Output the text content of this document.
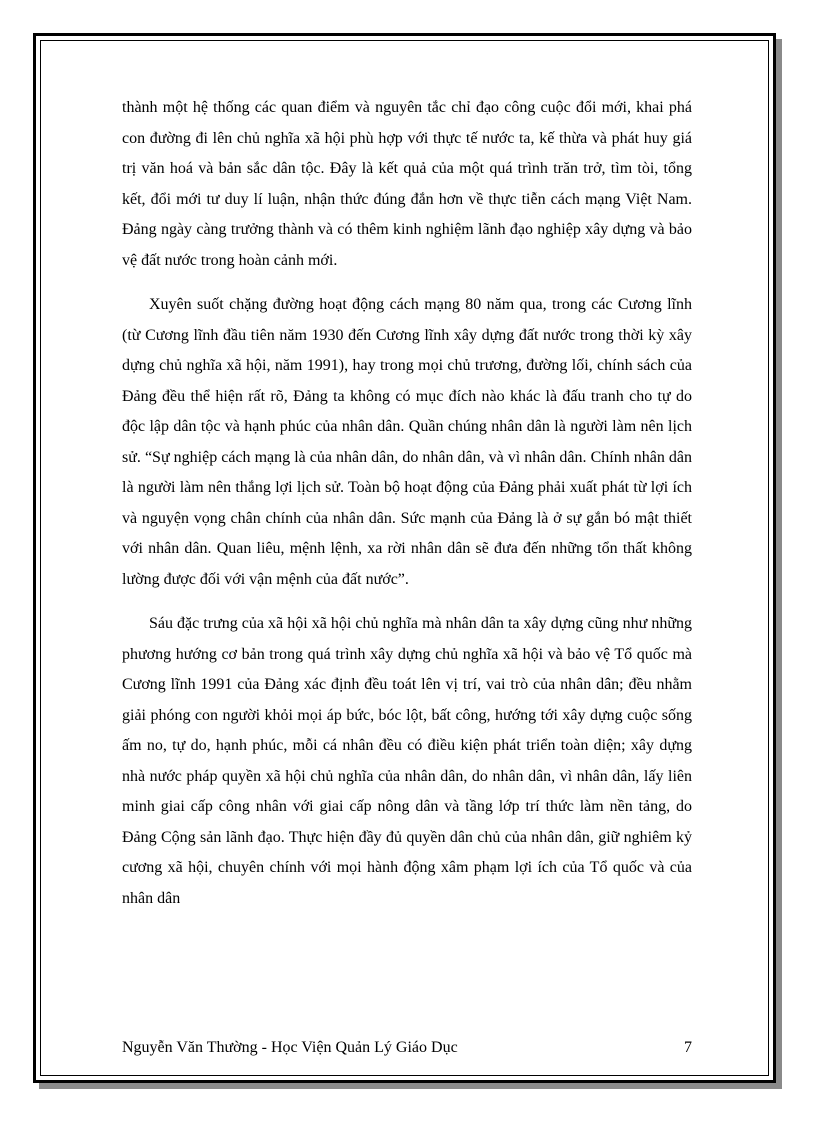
thành một hệ thống các quan điểm và nguyên tắc chỉ đạo công cuộc đổi mới, khai phá con đường đi lên chủ nghĩa xã hội phù hợp với thực tế nước ta, kế thừa và phát huy giá trị văn hoá và bản sắc dân tộc. Đây là kết quả của một quá trình trăn trở, tìm tòi, tổng kết, đổi mới tư duy lí luận, nhận thức đúng đắn hơn về thực tiễn cách mạng Việt Nam. Đảng ngày càng trưởng thành và có thêm kinh nghiệm lãnh đạo nghiệp xây dựng và bảo vệ đất nước trong hoàn cảnh mới.

Xuyên suốt chặng đường hoạt động cách mạng 80 năm qua, trong các Cương lĩnh (từ Cương lĩnh đầu tiên năm 1930 đến Cương lĩnh xây dựng đất nước trong thời kỳ xây dựng chủ nghĩa xã hội, năm 1991), hay trong mọi chủ trương, đường lối, chính sách của Đảng đều thể hiện rất rõ, Đảng ta không có mục đích nào khác là đấu tranh cho tự do độc lập dân tộc và hạnh phúc của nhân dân. Quần chúng nhân dân là người làm nên lịch sử. “Sự nghiệp cách mạng là của nhân dân, do nhân dân, và vì nhân dân. Chính nhân dân là người làm nên thắng lợi lịch sử. Toàn bộ hoạt động của Đảng phải xuất phát từ lợi ích và nguyện vọng chân chính của nhân dân. Sức mạnh của Đảng là ở sự gắn bó mật thiết với nhân dân. Quan liêu, mệnh lệnh, xa rời nhân dân sẽ đưa đến những tổn thất không lường được đối với vận mệnh của đất nước”.

Sáu đặc trưng của xã hội xã hội chủ nghĩa mà nhân dân ta xây dựng cũng như những phương hướng cơ bản trong quá trình xây dựng chủ nghĩa xã hội và bảo vệ Tổ quốc mà Cương lĩnh 1991 của Đảng xác định đều toát lên vị trí, vai trò của nhân dân; đều nhằm giải phóng con người khỏi mọi áp bức, bóc lột, bất công, hướng tới xây dựng cuộc sống ấm no, tự do, hạnh phúc, mỗi cá nhân đều có điều kiện phát triển toàn diện; xây dựng nhà nước pháp quyền xã hội chủ nghĩa của nhân dân, do nhân dân, vì nhân dân, lấy liên minh giai cấp công nhân với giai cấp nông dân và tầng lớp trí thức làm nền tảng, do Đảng Cộng sản lãnh đạo. Thực hiện đầy đủ quyền dân chủ của nhân dân, giữ nghiêm kỷ cương xã hội, chuyên chính với mọi hành động xâm phạm lợi ích của Tổ quốc và của nhân dân

Nguyễn Văn Thường - Học Viện Quản Lý Giáo Dục	7
